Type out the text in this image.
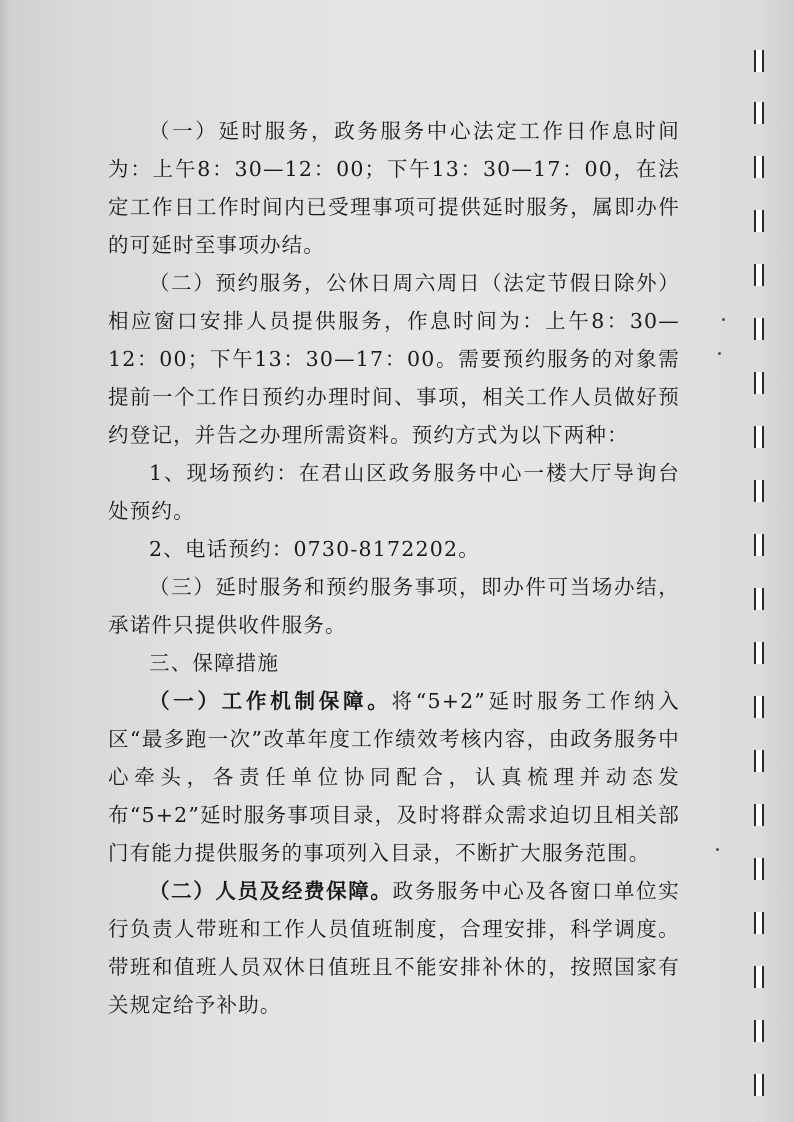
（一）延时服务，政务服务中心法定工作日作息时间为：上午8：30—12：00；下午13：30—17：00，在法定工作日工作时间内已受理事项可提供延时服务，属即办件的可延时至事项办结。

（二）预约服务，公休日周六周日（法定节假日除外）相应窗口安排人员提供服务，作息时间为：上午8：30—12：00；下午13：30—17：00。需要预约服务的对象需提前一个工作日预约办理时间、事项，相关工作人员做好预约登记，并告之办理所需资料。预约方式为以下两种：

1、现场预约：在君山区政务服务中心一楼大厅导询台处预约。

2、电话预约：0730-8172202。

（三）延时服务和预约服务事项，即办件可当场办结，承诺件只提供收件服务。

三、保障措施

（一）工作机制保障。将“5+2”延时服务工作纳入区“最多跑一次”改革年度工作绩效考核内容，由政务服务中心牵头，各责任单位协同配合，认真梳理并动态发布“5+2”延时服务事项目录，及时将群众需求迫切且相关部门有能力提供服务的事项列入目录，不断扩大服务范围。

（二）人员及经费保障。政务服务中心及各窗口单位实行负责人带班和工作人员值班制度，合理安排，科学调度。带班和值班人员双休日值班且不能安排补休的，按照国家有关规定给予补助。
